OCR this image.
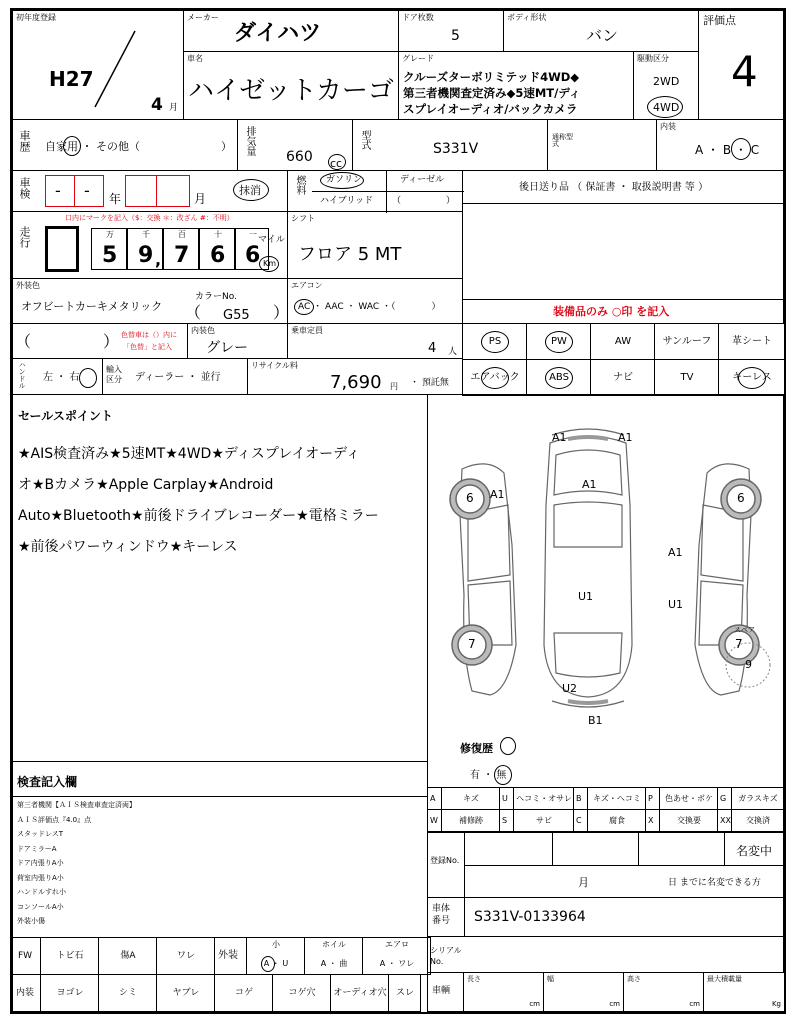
初年度登録
H27
4 月
メーカー
ダイハツ
ドア枚数
5
ボディ形状
バン
評価点
4
車名
ハイゼットカーゴ
グレード
クルーズターボリミテッド4WD◆
第三者機関査定済み◆5速MT/ディ
スプレイオーディオ/バックカメラ
駆動区分
2WD
4WD
車歴 自家用 ・ その他（	） 排気量
660 cc
型式	S331V
通称型式
内装
A ・ B ・ C
車検 - - 年	月
抹消	燃料 ガソリン	ディーゼル
ハイブリッド （　　　　　）
後日送り品 （ 保証書 ・ 取扱説明書 等 ）
走行
口内にマークを記入（$：交換 ＊：改ざん #：不明）
万
5
千
9
百
7
十
6
一
6
,
マイル
Km
シフト
フロア 5 MT
外装色
オフビートカーキメタリック
カラーNo.
（ G55 ）
エアコン
AC ・ AAC ・ WAC ・（　　　　）	装備品のみ ○印 を記入
（	） 色替車は（）内に
「色替」と記入
内装色
グレー
乗車定員
4 人
PS	PW	AW	サンルーフ	革シート
エアバック	ABS	ナビ	TV	キーレス
ハンドル 左 ・ 右
輸入区分	ディーラー ・ 並行
リサイクル料
7,690 円 ・ 預託無
セールスポイント

★AIS検査済み★5速MT★4WD★ディスプレイオーディ

オ★Bカメラ★Apple Carplay★Android

Auto★Bluetooth★前後ドライブレコーダー★電格ミラー

★前後パワーウィンドウ★キーレス

A1	A1
A1
A1
A1
U1
U1
U2
B1
6	6
7	7
スペア
9
修復歴
有 ・ 無
A	キズ	U ヘコミ・オサレ B	キズ・ヘコミ P	色あせ・ボケ G	ガラスキズ
W	補修跡	S	サビ	C	腐食	X	交換要	XX	交換済
登録No.
名変中
月	日 までに名変できる方
車体番号	S331V-0133964
シリアルNo.
検査記入欄
第三者機関【ＡＩＳ検査車査定済両】
ＡＩＳ評価点『4.0』点
スタッドレスT
ドアミラーA
ドア内張りA小
荷室内張りA小
ハンドルすれ小
コンソールA小
外装小傷
FW	トビ石	傷A	ワレ	外装
小
A ・ U
ホイル
A ・ 曲
エアロ
A ・ ワレ
内装	ヨゴレ	シミ	ヤブレ	コゲ	コゲ穴	オーディオ穴	スレ	車輌
長さ
cm
幅
cm
高さ
cm
最大積載量
Kg
